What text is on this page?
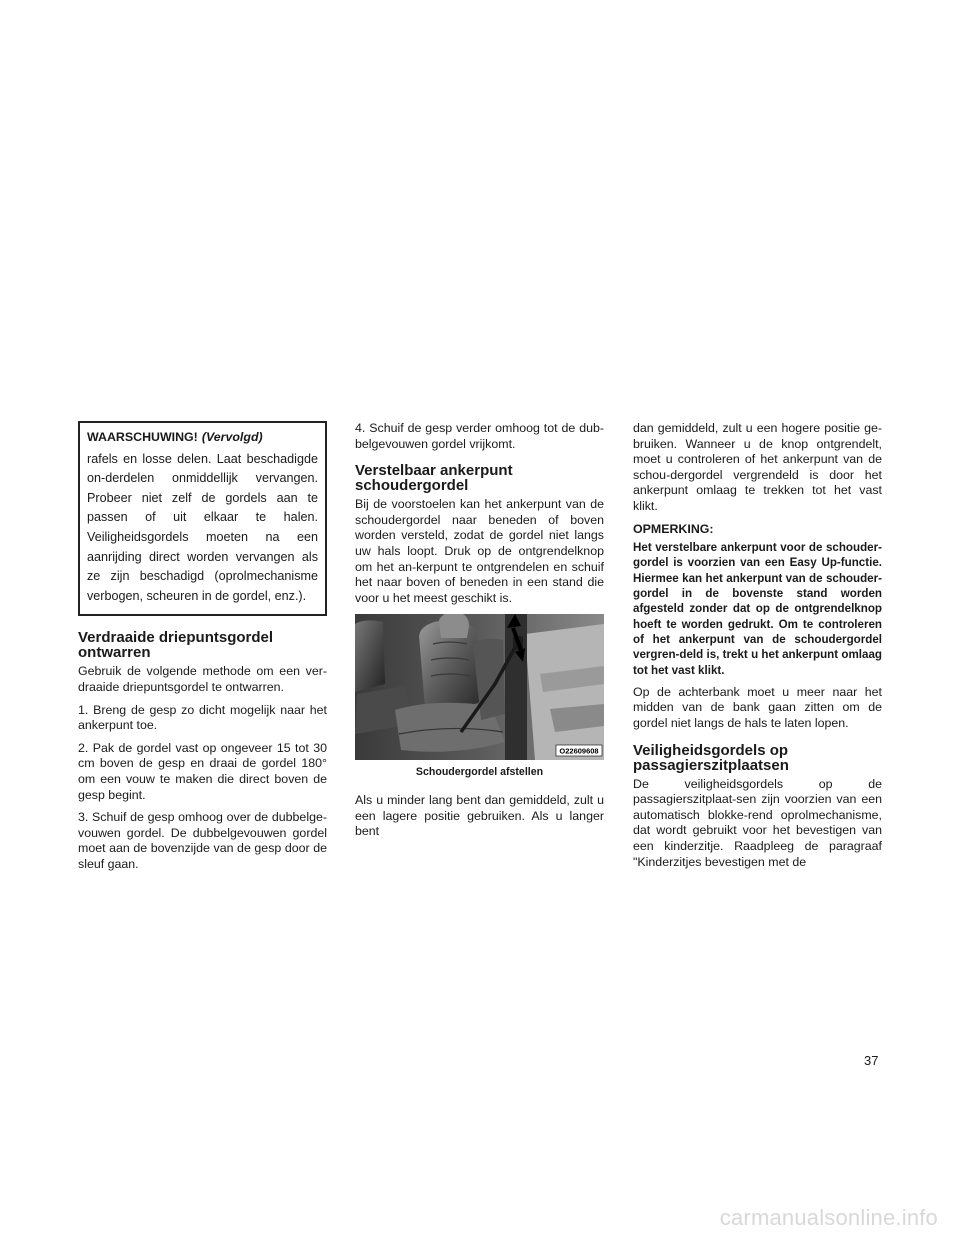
WAARSCHUWING! (Vervolgd)

rafels en losse delen. Laat beschadigde on-derdelen onmiddellijk vervangen. Probeer niet zelf de gordels aan te passen of uit elkaar te halen. Veiligheidsgordels moeten na een aanrijding direct worden vervangen als ze zijn beschadigd (oprolmechanisme verbogen, scheuren in de gordel, enz.).

Verdraaide driepuntsgordel
ontwarren

Gebruik de volgende methode om een ver-draaide driepuntsgordel te ontwarren.

1. Breng de gesp zo dicht mogelijk naar het ankerpunt toe.

2. Pak de gordel vast op ongeveer 15 tot 30 cm boven de gesp en draai de gordel 180° om een vouw te maken die direct boven de gesp begint.

3. Schuif de gesp omhoog over de dubbelge-vouwen gordel. De dubbelgevouwen gordel moet aan de bovenzijde van de gesp door de sleuf gaan.

4. Schuif de gesp verder omhoog tot de dub-belgevouwen gordel vrijkomt.

Verstelbaar ankerpunt
schoudergordel

Bij de voorstoelen kan het ankerpunt van de schoudergordel naar beneden of boven worden versteld, zodat de gordel niet langs uw hals loopt. Druk op de ontgrendelknop om het an-kerpunt te ontgrendelen en schuif het naar boven of beneden in een stand die voor u het meest geschikt is.

O22609608
Schoudergordel afstellen

Als u minder lang bent dan gemiddeld, zult u een lagere positie gebruiken. Als u langer bent

dan gemiddeld, zult u een hogere positie ge-bruiken. Wanneer u de knop ontgrendelt, moet u controleren of het ankerpunt van de schou-dergordel vergrendeld is door het ankerpunt omlaag te trekken tot het vast klikt.

OPMERKING:

Het verstelbare ankerpunt voor de schouder-gordel is voorzien van een Easy Up-functie. Hiermee kan het ankerpunt van de schouder-gordel in de bovenste stand worden afgesteld zonder dat op de ontgrendelknop hoeft te worden gedrukt. Om te controleren of het ankerpunt van de schoudergordel vergren-deld is, trekt u het ankerpunt omlaag tot het vast klikt.

Op de achterbank moet u meer naar het midden van de bank gaan zitten om de gordel niet langs de hals te laten lopen.

Veiligheidsgordels op
passagierszitplaatsen

De veiligheidsgordels op de passagierszitplaat-sen zijn voorzien van een automatisch blokke-rend oprolmechanisme, dat wordt gebruikt voor het bevestigen van een kinderzitje. Raadpleeg de paragraaf "Kinderzitjes bevestigen met de

37
carmanualsonline.info
